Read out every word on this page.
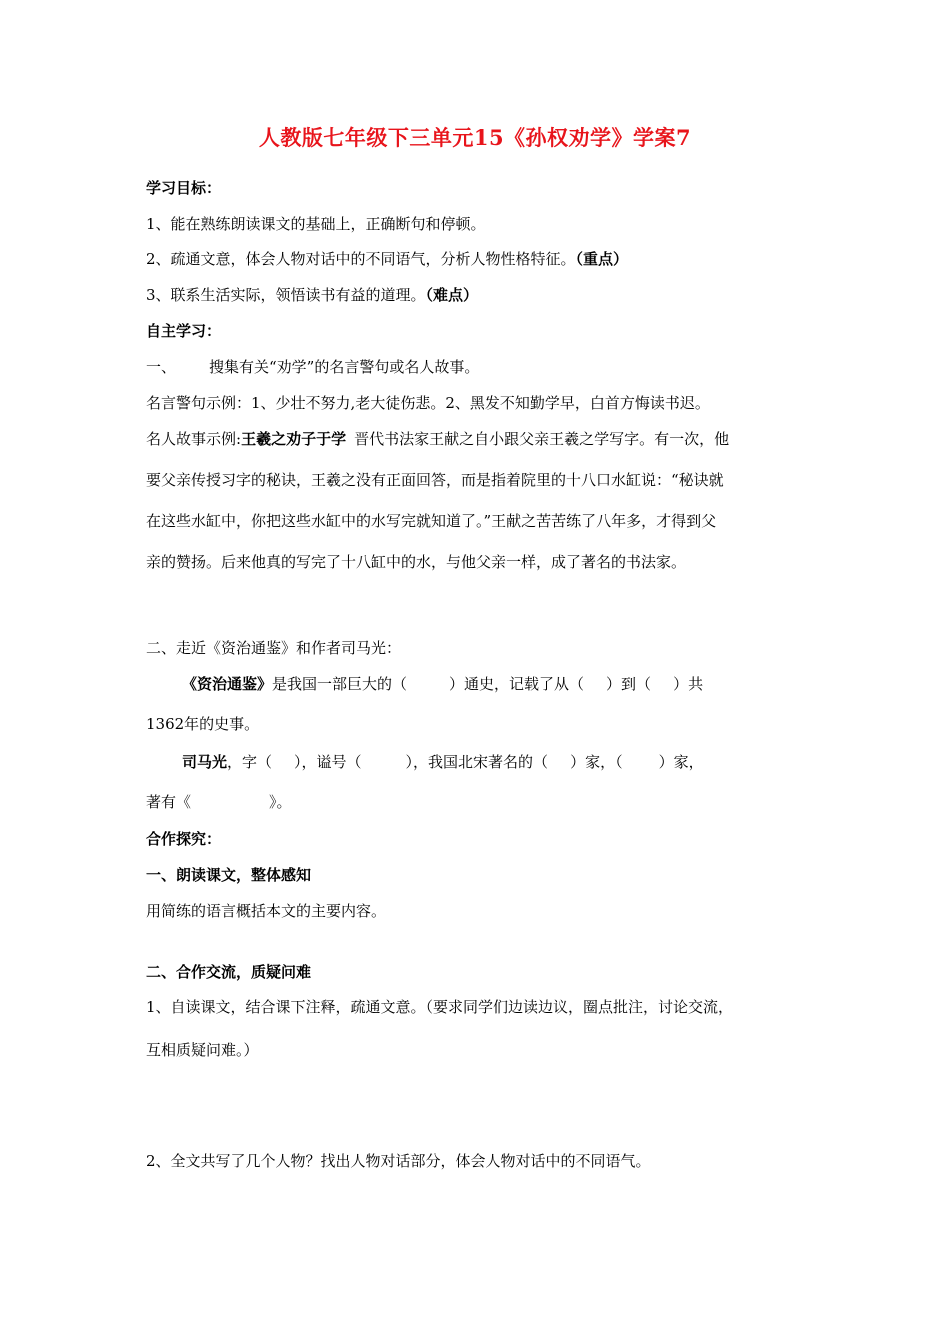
人教版七年级下三单元15《孙权劝学》学案7
学习目标：
1、能在熟练朗读课文的基础上，正确断句和停顿。
2、疏通文意，体会人物对话中的不同语气，分析人物性格特征。（重点）
3、联系生活实际，领悟读书有益的道理。（难点）
自主学习：
一、 搜集有关“劝学”的名言警句或名人故事。
名言警句示例：1、少壮不努力,老大徒伤悲。2、黑发不知勤学早，白首方悔读书迟。
名人故事示例:王羲之劝子于学 晋代书法家王献之自小跟父亲王羲之学写字。有一次，他
要父亲传授习字的秘诀，王羲之没有正面回答，而是指着院里的十八口水缸说：“秘诀就
在这些水缸中，你把这些水缸中的水写完就知道了。”王献之苦苦练了八年多，才得到父
亲的赞扬。后来他真的写完了十八缸中的水，与他父亲一样，成了著名的书法家。
二、走近《资治通鉴》和作者司马光：
《资治通鉴》是我国一部巨大的（	）通史，记载了从（ ）到（ ）共
1362年的史事。
司马光，字（ ），谥号（	），我国北宋著名的（ ）家，（ ）家，
著有《	》。
合作探究：
一、朗读课文，整体感知
用简练的语言概括本文的主要内容。
二、合作交流，质疑问难
1、自读课文，结合课下注释，疏通文意。（要求同学们边读边议，圈点批注，讨论交流，
互相质疑问难。）
2、全文共写了几个人物？找出人物对话部分，体会人物对话中的不同语气。
